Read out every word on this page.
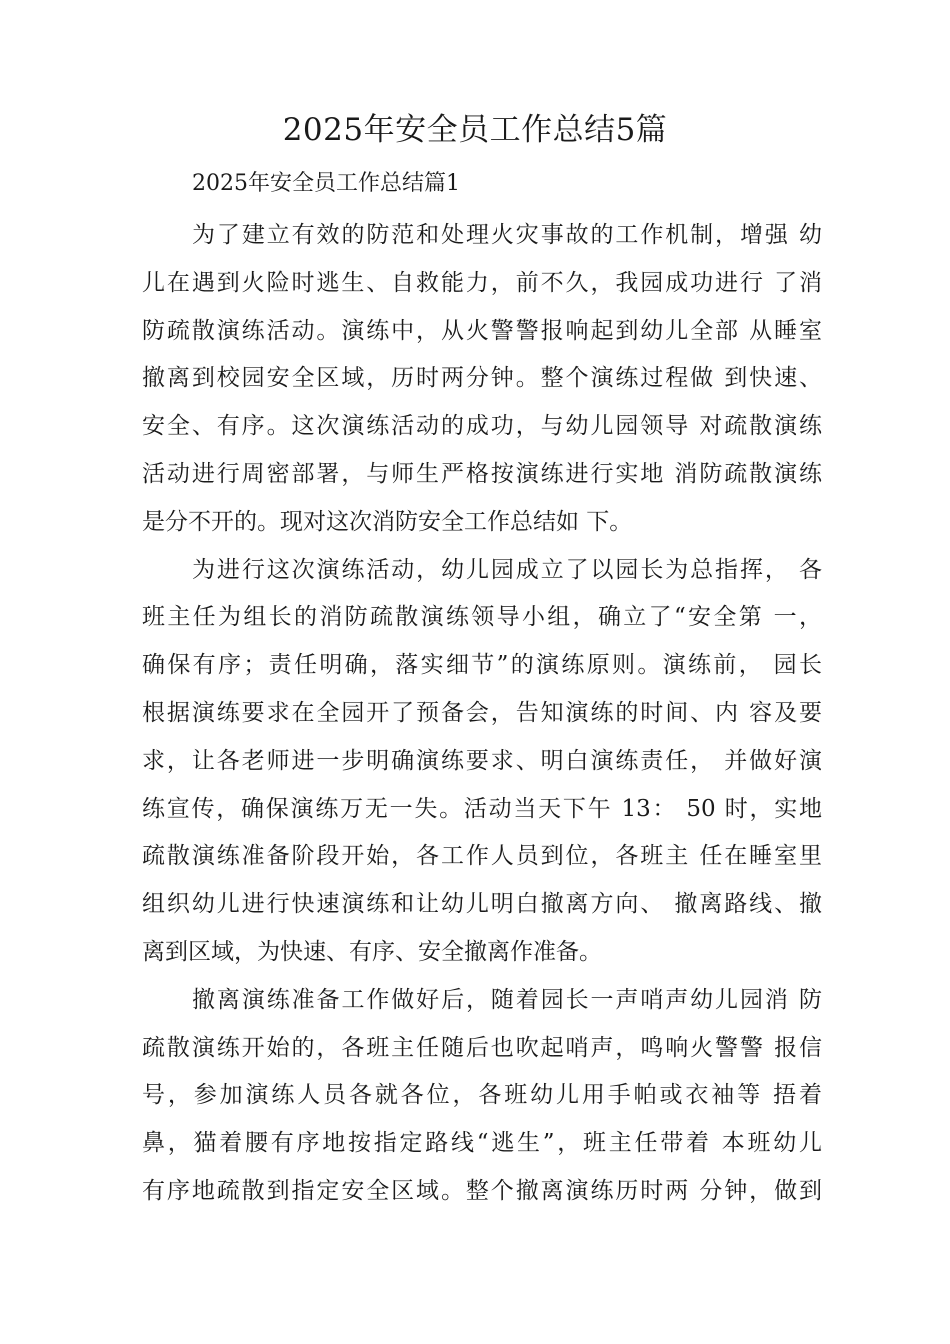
2025年安全员工作总结5篇
2025年安全员工作总结篇1

为了建立有效的防范和处理火灾事故的工作机制，增强 幼
儿在遇到火险时逃生、自救能力，前不久，我园成功进行 了消
防疏散演练活动。演练中，从火警警报响起到幼儿全部 从睡室
撤离到校园安全区域，历时两分钟。整个演练过程做 到快速、
安全、有序。这次演练活动的成功，与幼儿园领导 对疏散演练
活动进行周密部署，与师生严格按演练进行实地 消防疏散演练
是分不开的。现对这次消防安全工作总结如 下。

为进行这次演练活动，幼儿园成立了以园长为总指挥， 各
班主任为组长的消防疏散演练领导小组，确立了“安全第 一，
确保有序；责任明确，落实细节”的演练原则。演练前， 园长
根据演练要求在全园开了预备会，告知演练的时间、内 容及要
求，让各老师进一步明确演练要求、明白演练责任， 并做好演
练宣传，确保演练万无一失。活动当天下午 13： 50 时，实地
疏散演练准备阶段开始，各工作人员到位，各班主 任在睡室里
组织幼儿进行快速演练和让幼儿明白撤离方向、 撤离路线、撤
离到区域，为快速、有序、安全撤离作准备。

撤离演练准备工作做好后，随着园长一声哨声幼儿园消 防
疏散演练开始的，各班主任随后也吹起哨声，鸣响火警警 报信
号，参加演练人员各就各位，各班幼儿用手帕或衣袖等 捂着
鼻，猫着腰有序地按指定路线“逃生”，班主任带着 本班幼儿
有序地疏散到指定安全区域。整个撤离演练历时两 分钟，做到
